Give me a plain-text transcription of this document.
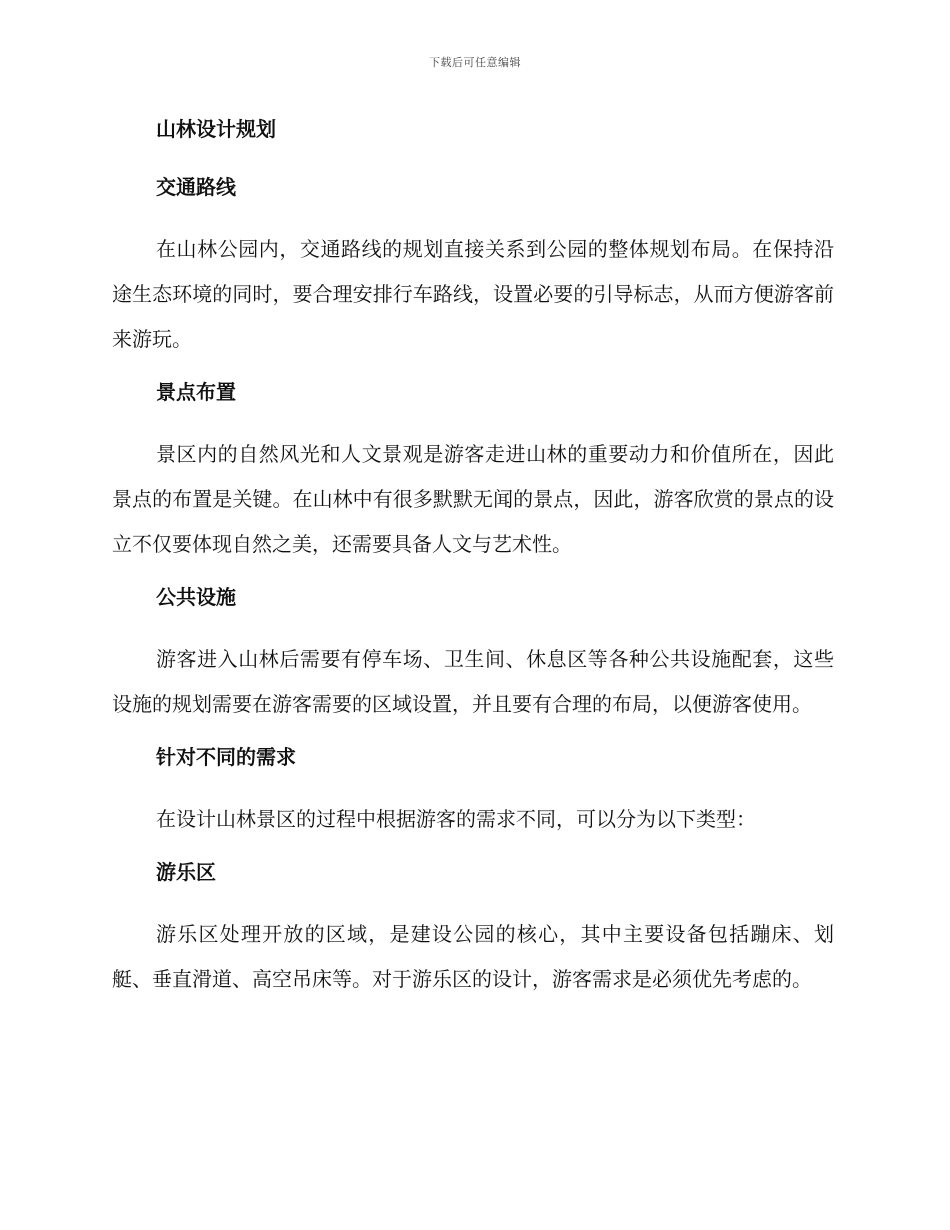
下载后可任意编辑
山林设计规划
交通路线

在山林公园内，交通路线的规划直接关系到公园的整体规划布局。在保持沿途生态环境的同时，要合理安排行车路线，设置必要的引导标志，从而方便游客前来游玩。

景点布置

景区内的自然风光和人文景观是游客走进山林的重要动力和价值所在，因此景点的布置是关键。在山林中有很多默默无闻的景点，因此，游客欣赏的景点的设立不仅要体现自然之美，还需要具备人文与艺术性。

公共设施

游客进入山林后需要有停车场、卫生间、休息区等各种公共设施配套，这些设施的规划需要在游客需要的区域设置，并且要有合理的布局，以便游客使用。

针对不同的需求

在设计山林景区的过程中根据游客的需求不同，可以分为以下类型：

游乐区

游乐区处理开放的区域，是建设公园的核心，其中主要设备包括蹦床、划艇、垂直滑道、高空吊床等。对于游乐区的设计，游客需求是必须优先考虑的。
